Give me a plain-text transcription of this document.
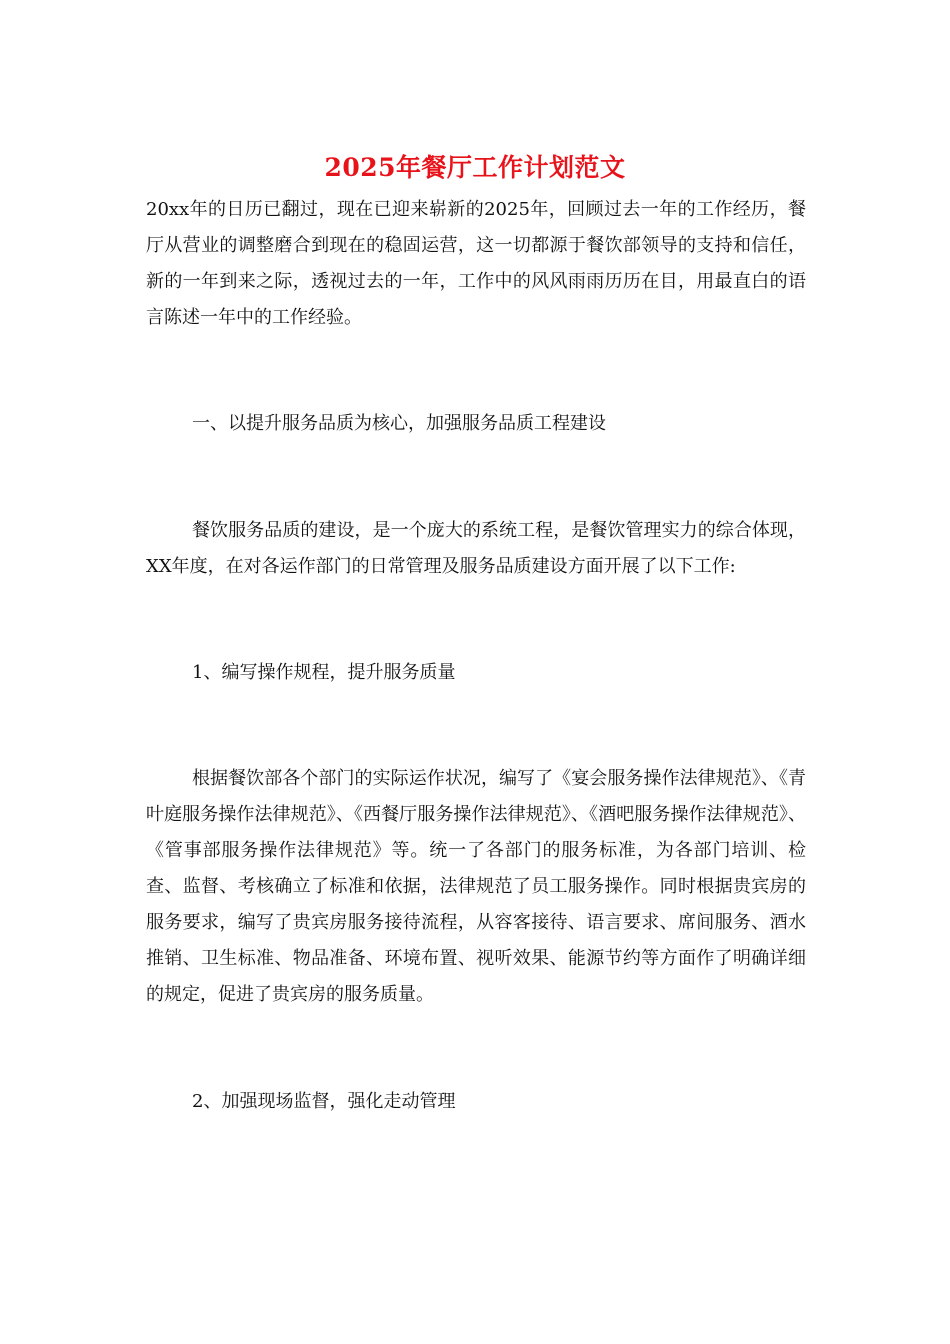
2025年餐厅工作计划范文

20xx年的日历已翻过，现在已迎来崭新的2025年，回顾过去一年的工作经历，餐厅从营业的调整磨合到现在的稳固运营，这一切都源于餐饮部领导的支持和信任，新的一年到来之际，透视过去的一年，工作中的风风雨雨历历在目，用最直白的语言陈述一年中的工作经验。

一、以提升服务品质为核心，加强服务品质工程建设

餐饮服务品质的建设，是一个庞大的系统工程，是餐饮管理实力的综合体现，XX年度，在对各运作部门的日常管理及服务品质建设方面开展了以下工作:

1、编写操作规程，提升服务质量

根据餐饮部各个部门的实际运作状况，编写了《宴会服务操作法律规范》、《青叶庭服务操作法律规范》、《西餐厅服务操作法律规范》、《酒吧服务操作法律规范》、《管事部服务操作法律规范》等。统一了各部门的服务标准，为各部门培训、检查、监督、考核确立了标准和依据，法律规范了员工服务操作。同时根据贵宾房的服务要求，编写了贵宾房服务接待流程，从容客接待、语言要求、席间服务、酒水推销、卫生标准、物品准备、环境布置、视听效果、能源节约等方面作了明确详细的规定，促进了贵宾房的服务质量。

2、加强现场监督，强化走动管理
